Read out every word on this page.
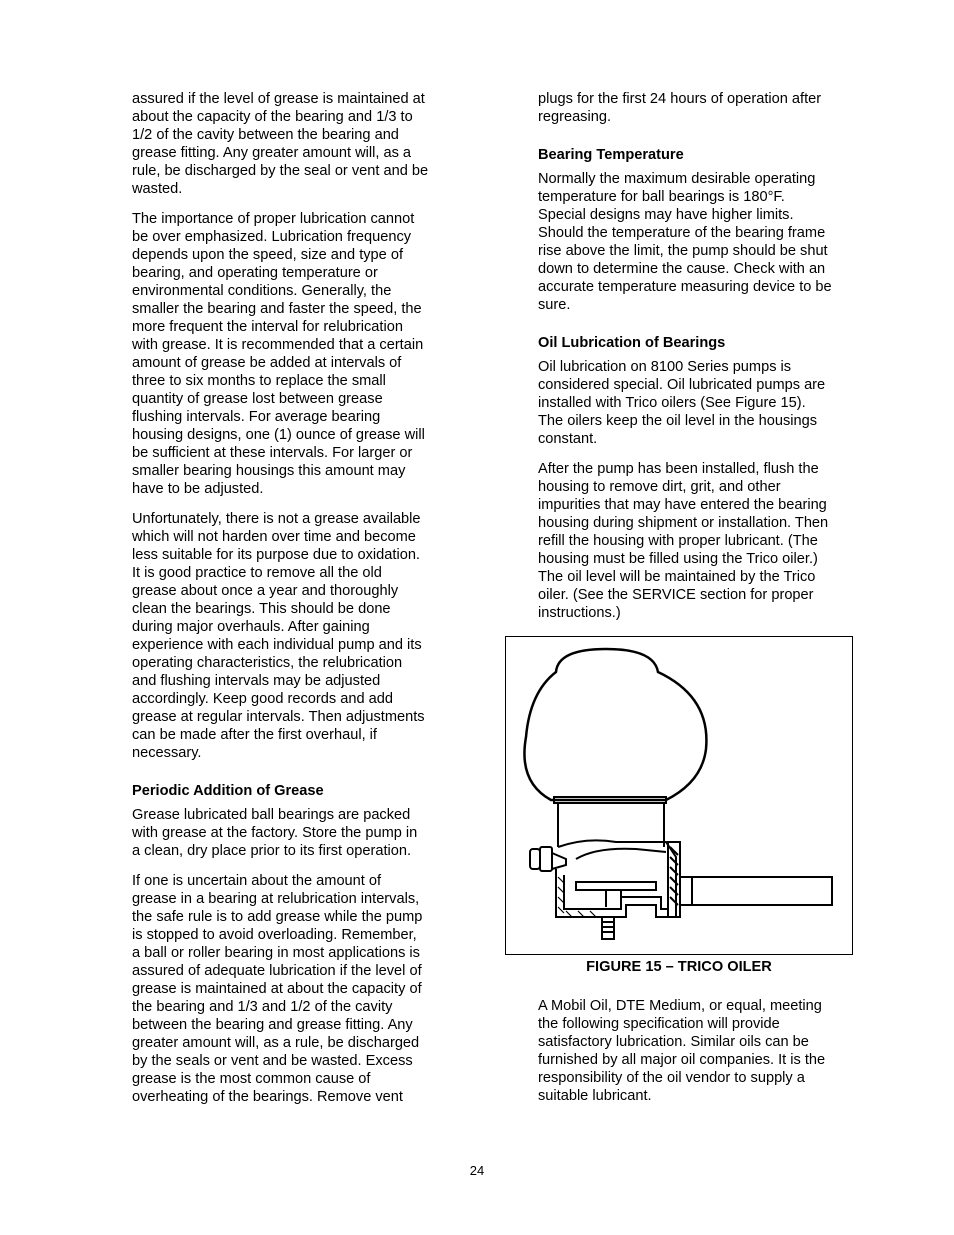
assured if the level of grease is maintained at
about the capacity of the bearing and 1/3 to
1/2 of the cavity between the bearing and
grease fitting. Any greater amount will, as a
rule, be discharged by the seal or vent and be
wasted.

The importance of proper lubrication cannot
be over emphasized. Lubrication frequency
depends upon the speed, size and type of
bearing, and operating temperature or
environmental conditions. Generally, the
smaller the bearing and faster the speed, the
more frequent the interval for relubrication
with grease. It is recommended that a certain
amount of grease be added at intervals of
three to six months to replace the small
quantity of grease lost between grease
flushing intervals. For average bearing
housing designs, one (1) ounce of grease will
be sufficient at these intervals. For larger or
smaller bearing housings this amount may
have to be adjusted.

Unfortunately, there is not a grease available
which will not harden over time and become
less suitable for its purpose due to oxidation.
It is good practice to remove all the old
grease about once a year and thoroughly
clean the bearings. This should be done
during major overhauls. After gaining
experience with each individual pump and its
operating characteristics, the relubrication
and flushing intervals may be adjusted
accordingly. Keep good records and add
grease at regular intervals. Then adjustments
can be made after the first overhaul, if
necessary.

Periodic Addition of Grease

Grease lubricated ball bearings are packed
with grease at the factory. Store the pump in
a clean, dry place prior to its first operation.

If one is uncertain about the amount of
grease in a bearing at relubrication intervals,
the safe rule is to add grease while the pump
is stopped to avoid overloading. Remember,
a ball or roller bearing in most applications is
assured of adequate lubrication if the level of
grease is maintained at about the capacity of
the bearing and 1/3 and 1/2 of the cavity
between the bearing and grease fitting. Any
greater amount will, as a rule, be discharged
by the seals or vent and be wasted. Excess
grease is the most common cause of
overheating of the bearings. Remove vent

plugs for the first 24 hours of operation after
regreasing.

Bearing Temperature

Normally the maximum desirable operating
temperature for ball bearings is 180°F.
Special designs may have higher limits.
Should the temperature of the bearing frame
rise above the limit, the pump should be shut
down to determine the cause. Check with an
accurate temperature measuring device to be
sure.

Oil Lubrication of Bearings

Oil lubrication on 8100 Series pumps is
considered special. Oil lubricated pumps are
installed with Trico oilers (See Figure 15).
The oilers keep the oil level in the housings
constant.

After the pump has been installed, flush the
housing to remove dirt, grit, and other
impurities that may have entered the bearing
housing during shipment or installation. Then
refill the housing with proper lubricant. (The
housing must be filled using the Trico oiler.)
The oil level will be maintained by the Trico
oiler. (See the SERVICE section for proper
instructions.)

FIGURE 15 – TRICO OILER
A Mobil Oil, DTE Medium, or equal, meeting
the following specification will provide
satisfactory lubrication. Similar oils can be
furnished by all major oil companies. It is the
responsibility of the oil vendor to supply a
suitable lubricant.
24
